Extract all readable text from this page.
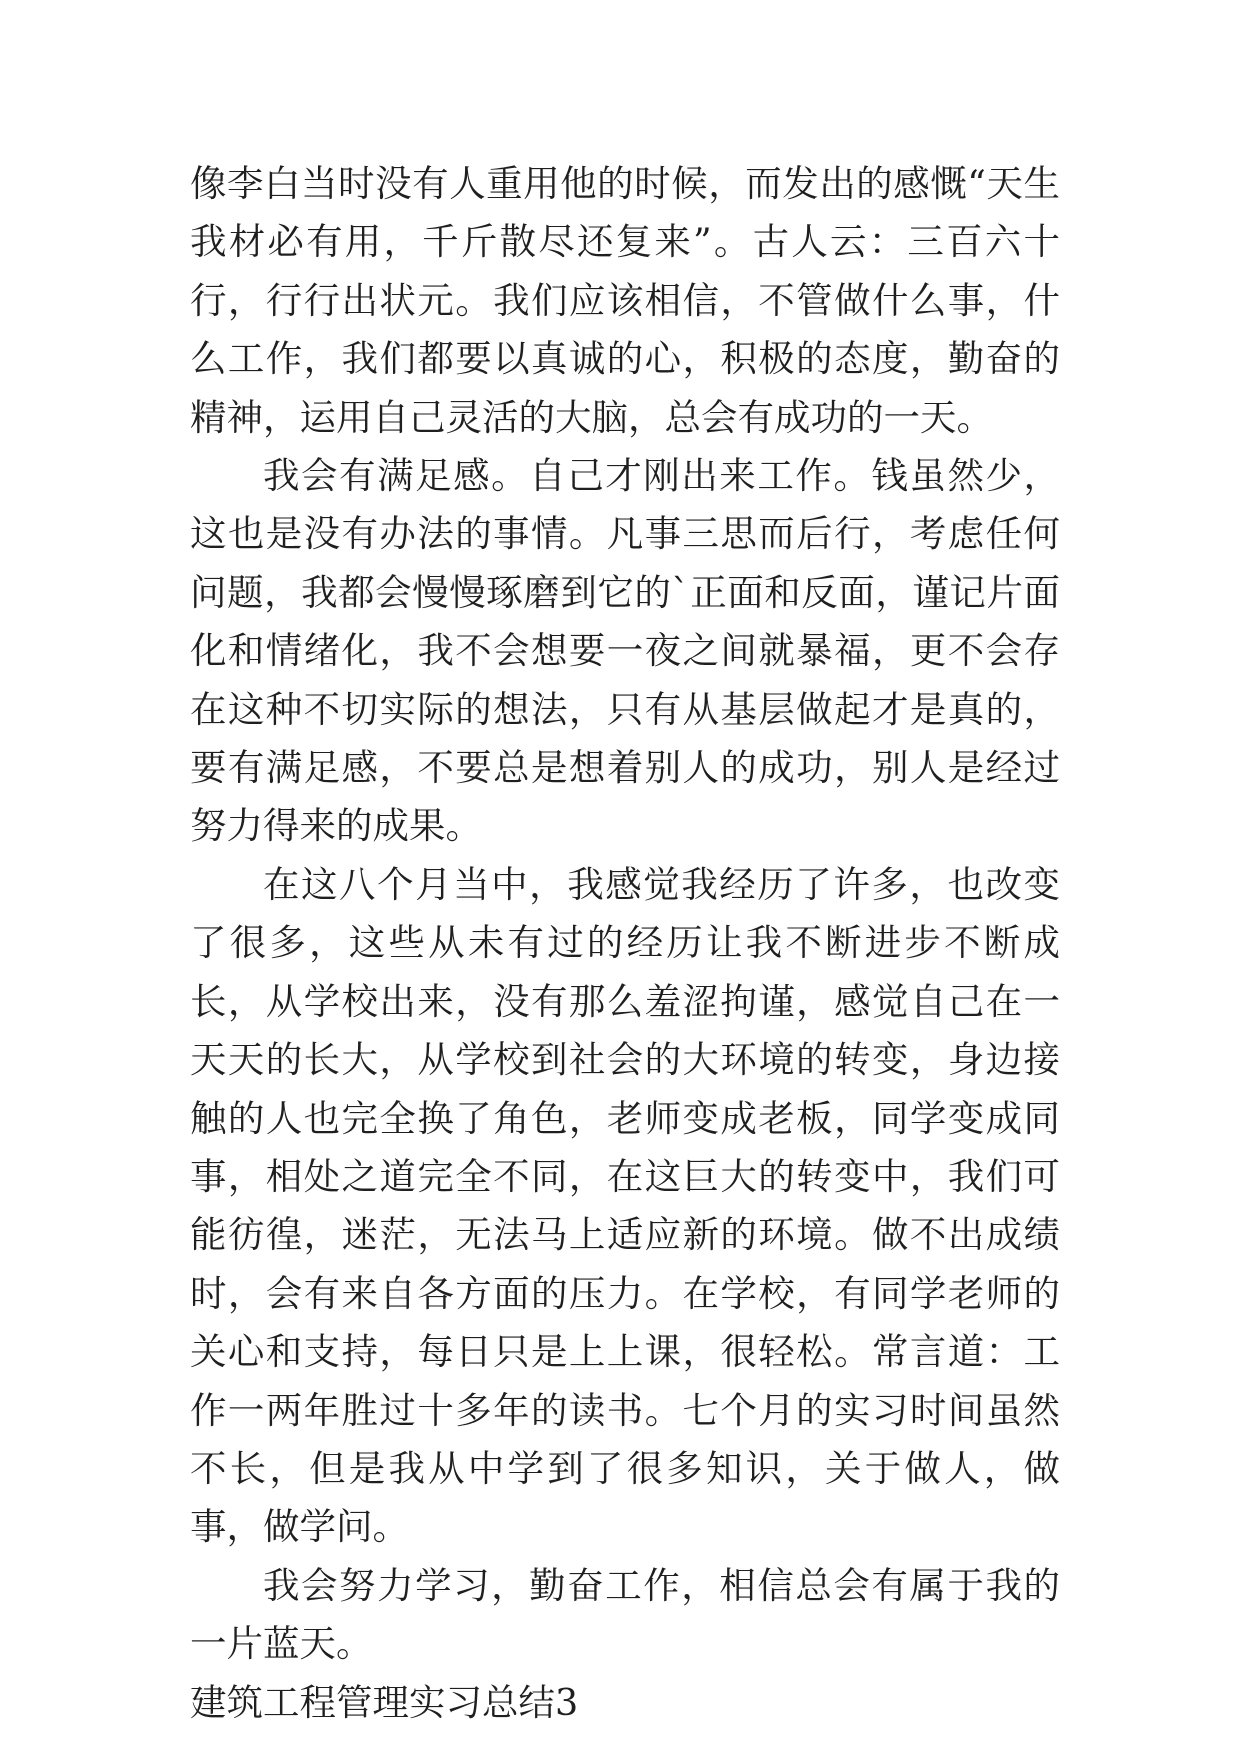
像李白当时没有人重用他的时候，而发出的感慨“天生我材必有用，千斤散尽还复来”。古人云：三百六十行，行行出状元。我们应该相信，不管做什么事，什么工作，我们都要以真诚的心，积极的态度，勤奋的精神，运用自己灵活的大脑，总会有成功的一天。

我会有满足感。自己才刚出来工作。钱虽然少，这也是没有办法的事情。凡事三思而后行，考虑任何问题，我都会慢慢琢磨到它的`正面和反面，谨记片面化和情绪化，我不会想要一夜之间就暴福，更不会存在这种不切实际的想法，只有从基层做起才是真的，要有满足感，不要总是想着别人的成功，别人是经过努力得来的成果。

在这八个月当中，我感觉我经历了许多，也改变了很多，这些从未有过的经历让我不断进步不断成长，从学校出来，没有那么羞涩拘谨，感觉自己在一天天的长大，从学校到社会的大环境的转变，身边接触的人也完全换了角色，老师变成老板，同学变成同事，相处之道完全不同，在这巨大的转变中，我们可能彷徨，迷茫，无法马上适应新的环境。做不出成绩时，会有来自各方面的压力。在学校，有同学老师的关心和支持，每日只是上上课，很轻松。常言道：工作一两年胜过十多年的读书。七个月的实习时间虽然不长，但是我从中学到了很多知识，关于做人，做事，做学问。

我会努力学习，勤奋工作，相信总会有属于我的一片蓝天。

建筑工程管理实习总结3
